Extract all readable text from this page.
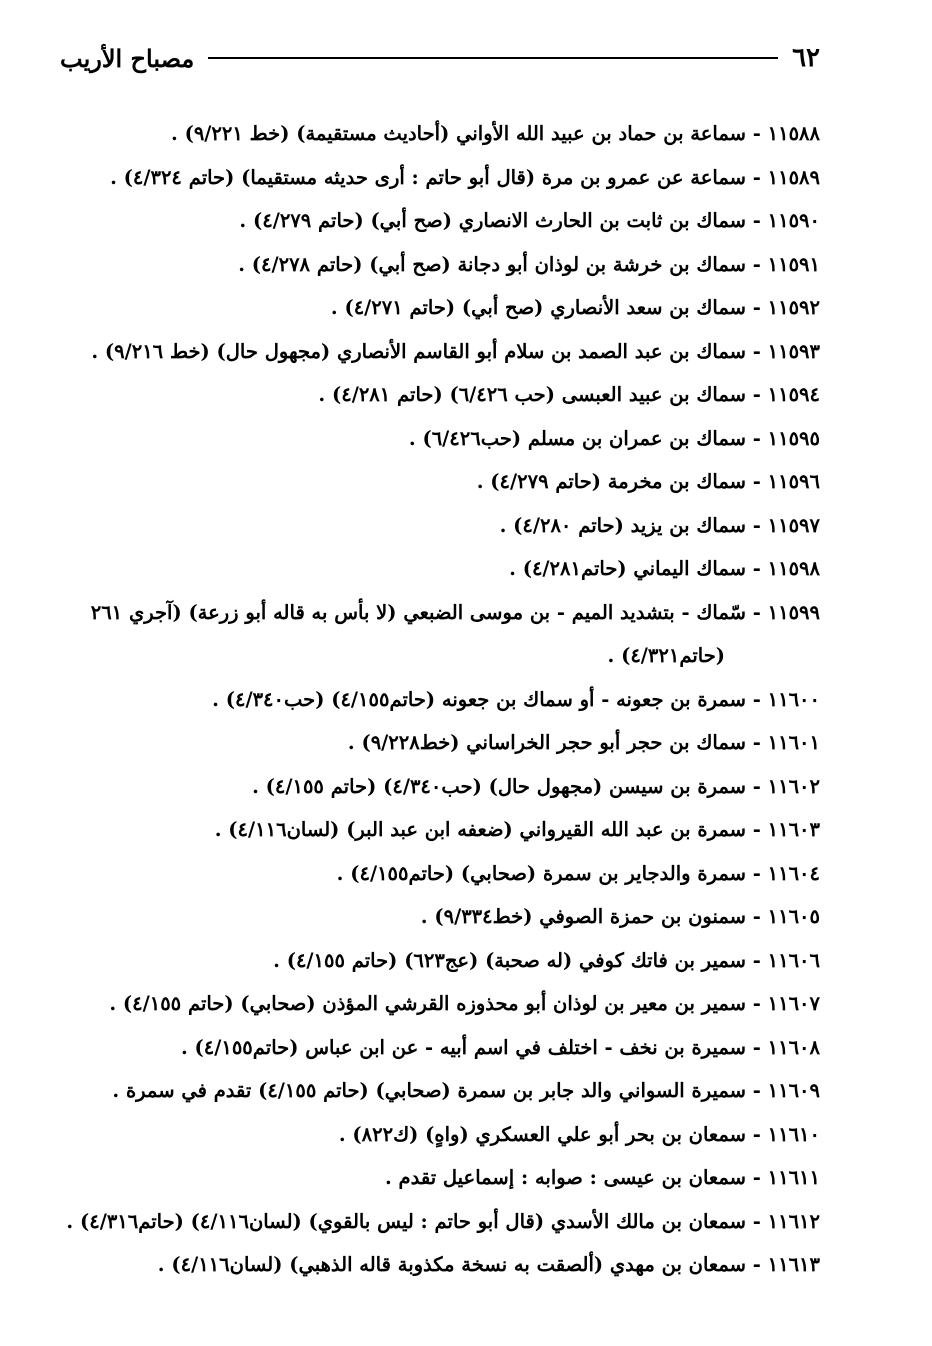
٦٢
مصباح الأريب
١١٥٨٨ - سماعة بن حماد بن عبيد الله الأواني (أحاديث مستقيمة) (خط ٩/٢٢١) .
١١٥٨٩ - سماعة عن عمرو بن مرة (قال أبو حاتم : أرى حديثه مستقيما) (حاتم ٤/٣٢٤) .
١١٥٩٠ - سماك بن ثابت بن الحارث الانصاري (صح أبي) (حاتم ٤/٢٧٩) .
١١٥٩١ - سماك بن خرشة بن لوذان أبو دجانة (صح أبي) (حاتم ٤/٢٧٨) .
١١٥٩٢ - سماك بن سعد الأنصاري (صح أبي) (حاتم ٤/٢٧١) .
١١٥٩٣ - سماك بن عبد الصمد بن سلام أبو القاسم الأنصاري (مجهول حال) (خط ٩/٢١٦) .
١١٥٩٤ - سماك بن عبيد العبسى (حب ٦/٤٢٦) (حاتم ٤/٢٨١) .
١١٥٩٥ - سماك بن عمران بن مسلم (حب٦/٤٢٦) .
١١٥٩٦ - سماك بن مخرمة (حاتم ٤/٢٧٩) .
١١٥٩٧ - سماك بن يزيد (حاتم ٤/٢٨٠) .
١١٥٩٨ - سماك اليماني (حاتم٤/٢٨١) .
١١٥٩٩ - سّماك - بتشديد الميم - بن موسى الضبعي (لا بأس به قاله أبو زرعة) (آجري ٢٦١
(حاتم٤/٣٢١) .
١١٦٠٠ - سمرة بن جعونه - أو سماك بن جعونه (حاتم٤/١٥٥) (حب٤/٣٤٠) .
١١٦٠١ - سماك بن حجر أبو حجر الخراساني (خط٩/٢٢٨) .
١١٦٠٢ - سمرة بن سيسن (مجهول حال) (حب٤/٣٤٠) (حاتم ٤/١٥٥) .
١١٦٠٣ - سمرة بن عبد الله القيرواني (ضعفه ابن عبد البر) (لسان٤/١١٦) .
١١٦٠٤ - سمرة والدجاير بن سمرة (صحابي) (حاتم٤/١٥٥) .
١١٦٠٥ - سمنون بن حمزة الصوفي (خط٩/٣٣٤) .
١١٦٠٦ - سمير بن فاتك كوفي (له صحبة) (عج٦٢٣) (حاتم ٤/١٥٥) .
١١٦٠٧ - سمير بن معير بن لوذان أبو محذوزه القرشي المؤذن (صحابي) (حاتم ٤/١٥٥) .
١١٦٠٨ - سميرة بن نخف - اختلف في اسم أبيه - عن ابن عباس (حاتم٤/١٥٥) .
١١٦٠٩ - سميرة السواني والد جابر بن سمرة (صحابي) (حاتم ٤/١٥٥) تقدم في سمرة .
١١٦١٠ - سمعان بن بحر أبو علي العسكري (واهٍ) (ك٨٢٢) .
١١٦١١ - سمعان بن عيسى : صوابه : إسماعيل تقدم .
١١٦١٢ - سمعان بن مالك الأسدي (قال أبو حاتم : ليس بالقوي) (لسان٤/١١٦) (حاتم٤/٣١٦) .
١١٦١٣ - سمعان بن مهدي (ألصقت به نسخة مكذوبة قاله الذهبي) (لسان٤/١١٦) .
